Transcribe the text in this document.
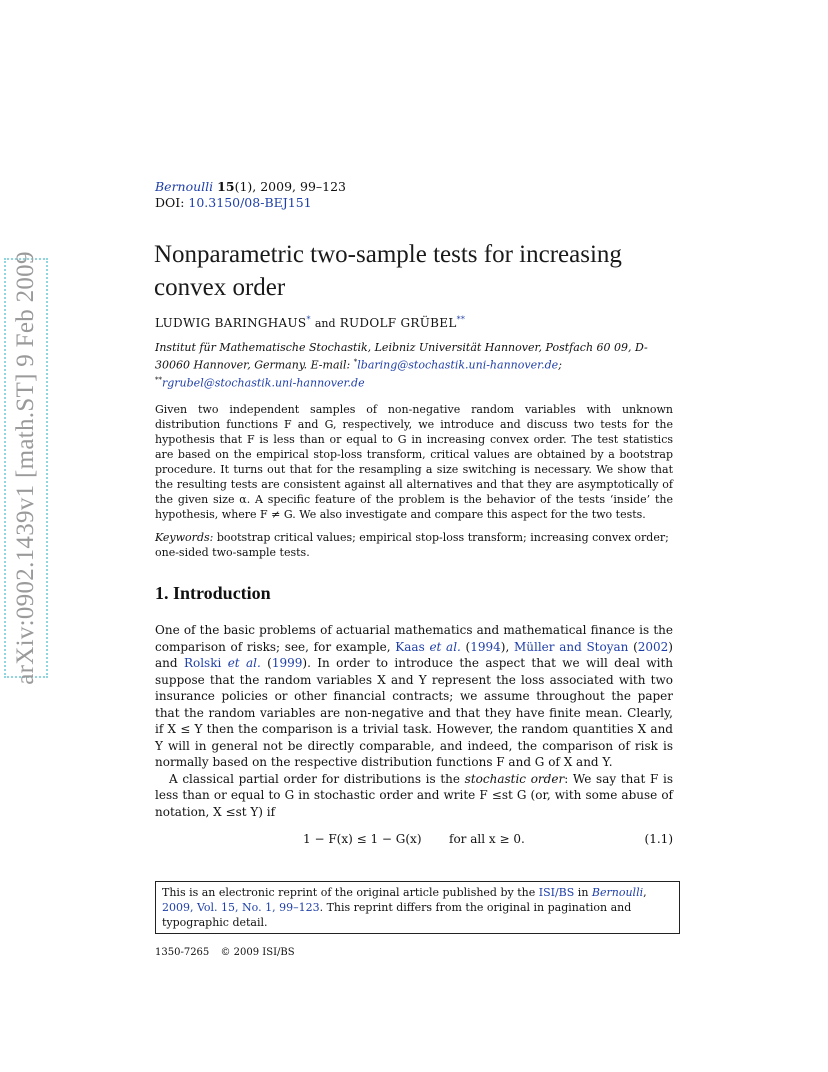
arXiv:0902.1439v1 [math.ST] 9 Feb 2009
Bernoulli 15(1), 2009, 99–123
DOI: 10.3150/08-BEJ151
Nonparametric two-sample tests for increasing convex order
LUDWIG BARINGHAUS* and RUDOLF GRÜBEL**
Institut für Mathematische Stochastik, Leibniz Universität Hannover, Postfach 60 09, D-30060 Hannover, Germany. E-mail: *lbaring@stochastik.uni-hannover.de;
**rgrubel@stochastik.uni-hannover.de
Given two independent samples of non-negative random variables with unknown distribution functions F and G, respectively, we introduce and discuss two tests for the hypothesis that F is less than or equal to G in increasing convex order. The test statistics are based on the empirical stop-loss transform, critical values are obtained by a bootstrap procedure. It turns out that for the resampling a size switching is necessary. We show that the resulting tests are consistent against all alternatives and that they are asymptotically of the given size α. A specific feature of the problem is the behavior of the tests ‘inside’ the hypothesis, where F ≠ G. We also investigate and compare this aspect for the two tests.
Keywords: bootstrap critical values; empirical stop-loss transform; increasing convex order; one-sided two-sample tests.
1. Introduction

One of the basic problems of actuarial mathematics and mathematical finance is the comparison of risks; see, for example, Kaas et al. (1994), Müller and Stoyan (2002) and Rolski et al. (1999). In order to introduce the aspect that we will deal with suppose that the random variables X and Y represent the loss associated with two insurance policies or other financial contracts; we assume throughout the paper that the random variables are non-negative and that they have finite mean. Clearly, if X ≤ Y then the comparison is a trivial task. However, the random quantities X and Y will in general not be directly comparable, and indeed, the comparison of risk is normally based on the respective distribution functions F and G of X and Y.

A classical partial order for distributions is the stochastic order: We say that F is less than or equal to G in stochastic order and write F ≤st G (or, with some abuse of notation, X ≤st Y) if

1 − F(x) ≤ 1 − G(x) for all x ≥ 0.	(1.1)
This is an electronic reprint of the original article published by the ISI/BS in Bernoulli, 2009, Vol. 15, No. 1, 99–123. This reprint differs from the original in pagination and typographic detail.
1350-7265 © 2009 ISI/BS
